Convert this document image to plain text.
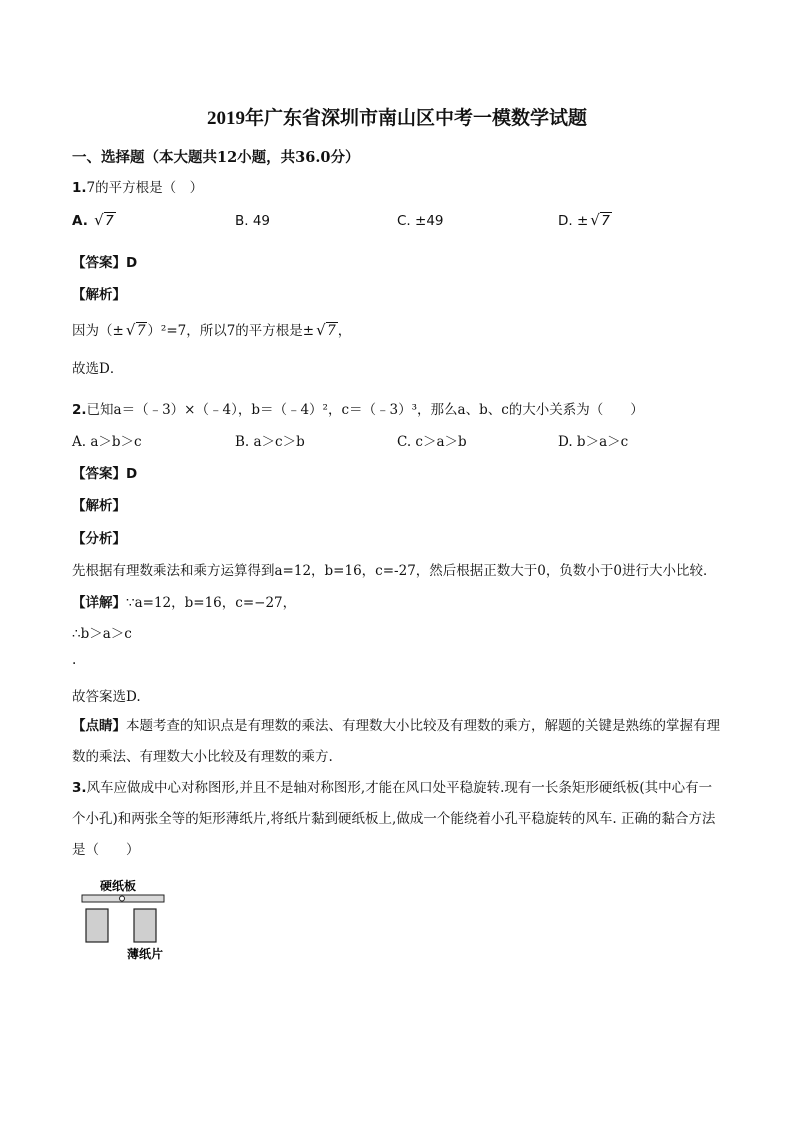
2019年广东省深圳市南山区中考一模数学试题
一、选择题（本大题共12小题，共36.0分）
1.7的平方根是（　）
A. √ 7	B. 49	C. ±49	D. ± √ 7
【答案】D
【解析】
因为（± √ 7 ）²=7，所以7的平方根是± √ 7 ，
故选D．
2.已知a＝（﹣3）×（﹣4），b＝（﹣4）²，c＝（﹣3）³，那么a、b、c的大小关系为（　　）
A. a＞b＞c	B. a＞c＞b	C. c＞a＞b	D. b＞a＞c
【答案】D
【解析】
【分析】
先根据有理数乘法和乘方运算得到a=12，b=16，c=-27，然后根据正数大于0，负数小于0进行大小比较．
【详解】∵a=12，b=16，c=−27，
∴b＞a＞c
.
故答案选D.
【点睛】本题考查的知识点是有理数的乘法、有理数大小比较及有理数的乘方，解题的关键是熟练的掌握有理数的乘法、有理数大小比较及有理数的乘方.
3.风车应做成中心对称图形,并且不是轴对称图形,才能在风口处平稳旋转.现有一长条矩形硬纸板(其中心有一个小孔)和两张全等的矩形薄纸片,将纸片黏到硬纸板上,做成一个能绕着小孔平稳旋转的风车. 正确的黏合方法是（　　）
硬纸板
薄纸片
